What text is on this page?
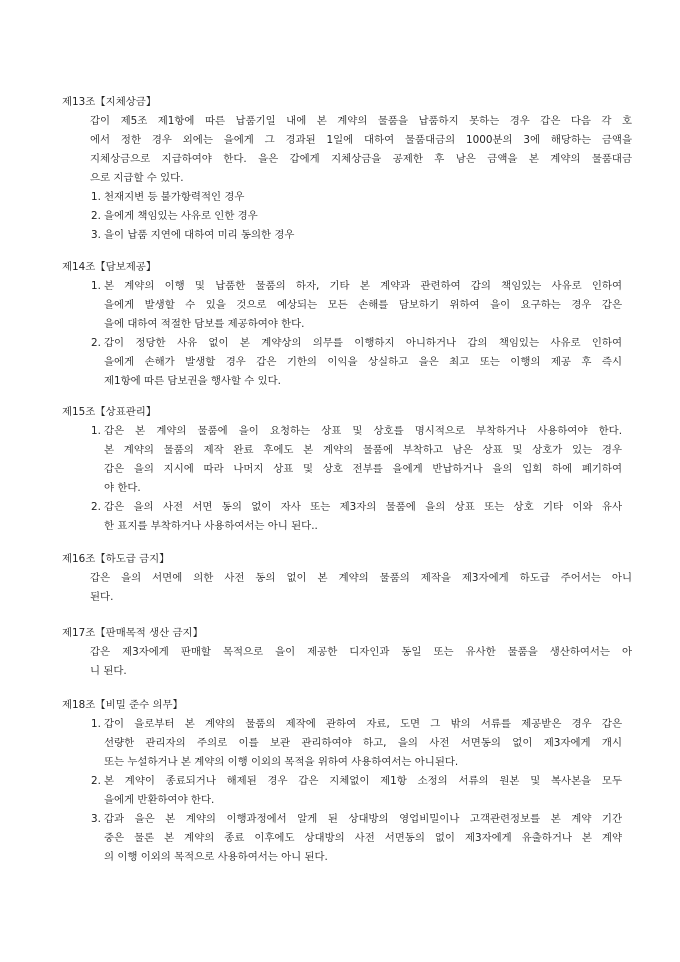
제13조【지체상금】
갑이 제5조 제1항에 따른 납품기일 내에 본 계약의 물품을 납품하지 못하는 경우 갑은 다음 각 호
에서 정한 경우 외에는 을에게 그 경과된 1일에 대하여 물품대금의 1000분의 3에 해당하는 금액을
지체상금으로 지급하여야 한다. 을은 갑에게 지체상금을 공제한 후 남은 금액을 본 계약의 물품대금
으로 지급할 수 있다.
1. 천재지변 등 불가항력적인 경우
2. 을에게 책임있는 사유로 인한 경우
3. 을이 납품 지연에 대하여 미리 동의한 경우
제14조【담보제공】
1. 본 계약의 이행 및 납품한 물품의 하자, 기타 본 계약과 관련하여 갑의 책임있는 사유로 인하여
을에게 발생할 수 있을 것으로 예상되는 모든 손해를 담보하기 위하여 을이 요구하는 경우 갑은
을에 대하여 적절한 담보를 제공하여야 한다.
2. 갑이 정당한 사유 없이 본 계약상의 의무를 이행하지 아니하거나 갑의 책임있는 사유로 인하여
을에게 손해가 발생할 경우 갑은 기한의 이익을 상실하고 을은 최고 또는 이행의 제공 후 즉시
제1항에 따른 담보권을 행사할 수 있다.
제15조【상표관리】
1. 갑은 본 계약의 물품에 을이 요청하는 상표 및 상호를 명시적으로 부착하거나 사용하여야 한다.
본 계약의 물품의 제작 완료 후에도 본 계약의 물품에 부착하고 남은 상표 및 상호가 있는 경우
갑은 을의 지시에 따라 나머지 상표 및 상호 전부를 을에게 반납하거나 을의 입회 하에 폐기하여
야 한다.
2. 갑은 을의 사전 서면 동의 없이 자사 또는 제3자의 물품에 을의 상표 또는 상호 기타 이와 유사
한 표지를 부착하거나 사용하여서는 아니 된다..
제16조【하도급 금지】
갑은 을의 서면에 의한 사전 동의 없이 본 계약의 물품의 제작을 제3자에게 하도급 주어서는 아니
된다.
제17조【판매목적 생산 금지】
갑은 제3자에게 판매할 목적으로 을이 제공한 디자인과 동일 또는 유사한 물품을 생산하여서는 아
니 된다.
제18조【비밀 준수 의무】
1. 갑이 을로부터 본 계약의 물품의 제작에 관하여 자료, 도면 그 밖의 서류를 제공받은 경우 갑은
선량한 관리자의 주의로 이를 보관 관리하여야 하고, 을의 사전 서면동의 없이 제3자에게 개시
또는 누설하거나 본 계약의 이행 이외의 목적을 위하여 사용하여서는 아니된다.
2. 본 계약이 종료되거나 해제된 경우 갑은 지체없이 제1항 소정의 서류의 원본 및 복사본을 모두
을에게 반환하여야 한다.
3. 갑과 을은 본 계약의 이행과정에서 알게 된 상대방의 영업비밀이나 고객관련정보를 본 계약 기간
중은 물론 본 계약의 종료 이후에도 상대방의 사전 서면동의 없이 제3자에게 유출하거나 본 계약
의 이행 이외의 목적으로 사용하여서는 아니 된다.
